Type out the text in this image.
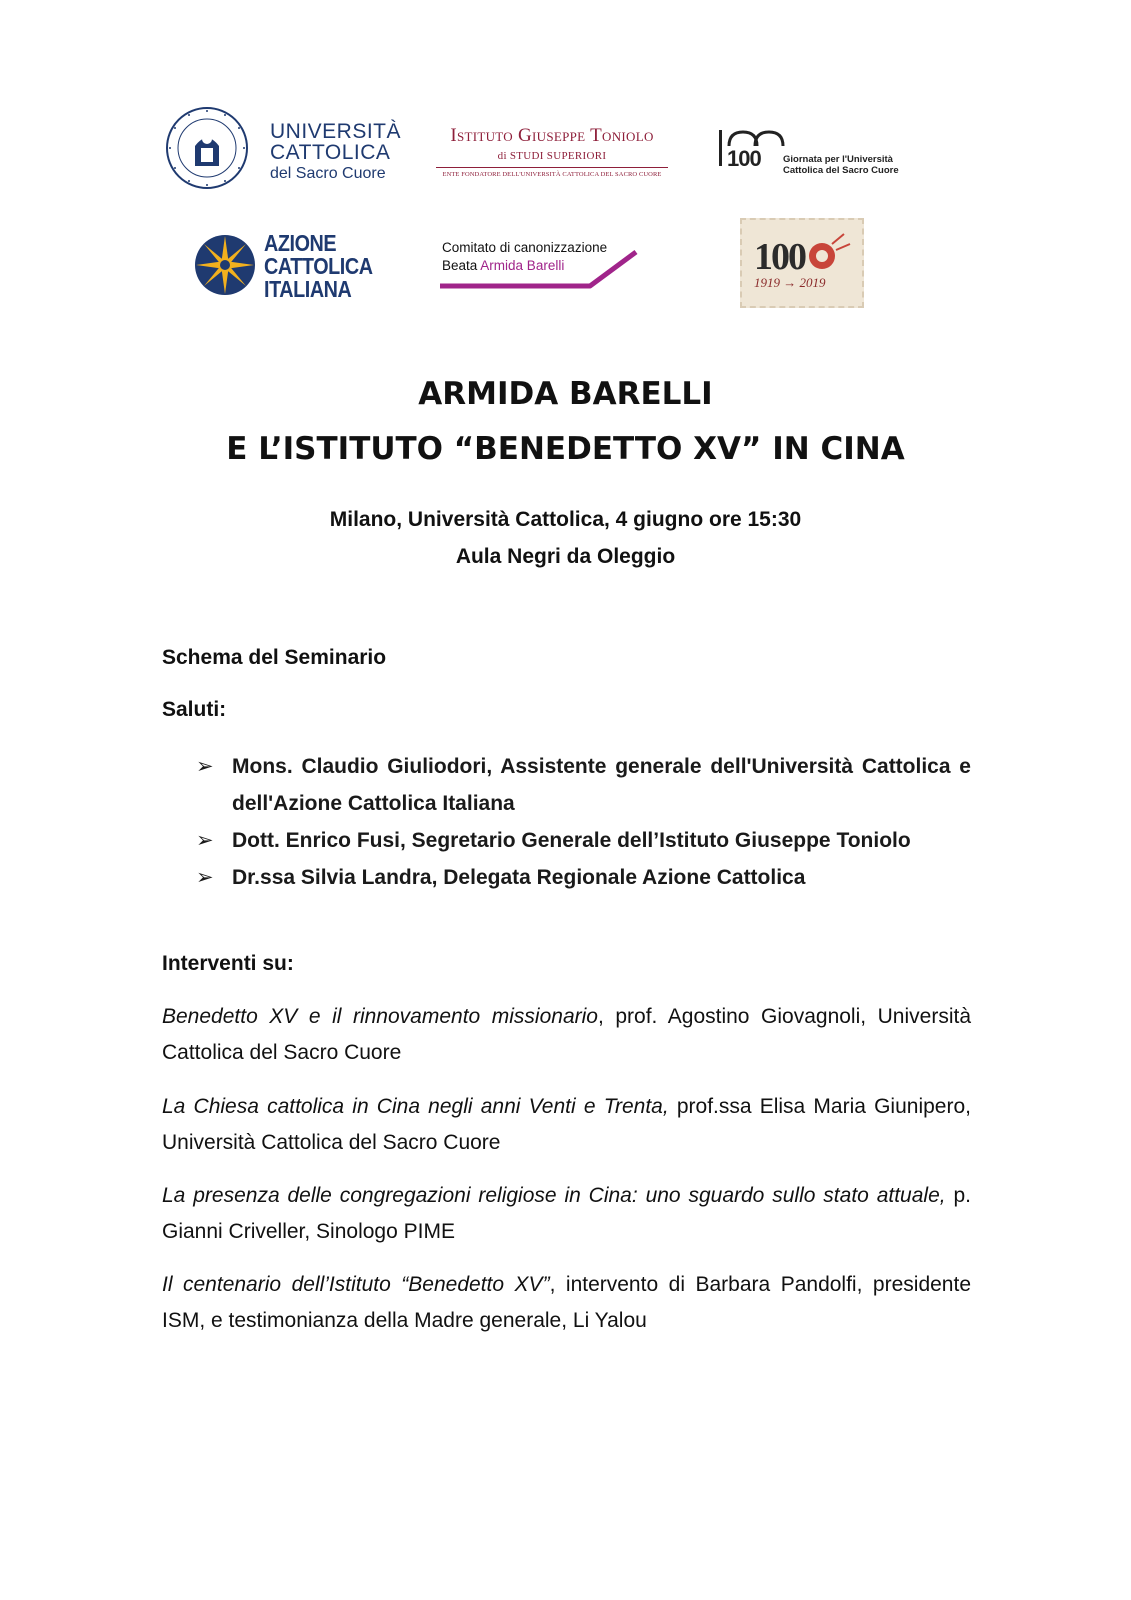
UNIVERSITÀ
CATTOLICA
del Sacro Cuore
Istituto Giuseppe Toniolo
di STUDI SUPERIORI
ENTE FONDATORE DELL'UNIVERSITÀ CATTOLICA DEL SACRO CUORE
100 Giornata per l'Università
Cattolica del Sacro Cuore
AZIONE
CATTOLICA
ITALIANA
Comitato di canonizzazione
Beata Armida Barelli	100
1919 → 2019
ARMIDA BARELLI
E L’ISTITUTO “BENEDETTO XV” IN CINA
Milano, Università Cattolica, 4 giugno ore 15:30
Aula Negri da Oleggio
Schema del Seminario
Saluti:
➢ Mons. Claudio Giuliodori, Assistente generale dell'Università Cattolica e dell'Azione Cattolica Italiana
➢ Dott. Enrico Fusi, Segretario Generale dell’Istituto Giuseppe Toniolo
➢ Dr.ssa Silvia Landra, Delegata Regionale Azione Cattolica
Interventi su:
Benedetto XV e il rinnovamento missionario, prof. Agostino Giovagnoli, Università Cattolica del Sacro Cuore
La Chiesa cattolica in Cina negli anni Venti e Trenta, prof.ssa Elisa Maria Giunipero, Università Cattolica del Sacro Cuore
La presenza delle congregazioni religiose in Cina: uno sguardo sullo stato attuale, p. Gianni Criveller, Sinologo PIME
Il centenario dell’Istituto “Benedetto XV”, intervento di Barbara Pandolfi, presidente ISM, e testimonianza della Madre generale, Li Yalou
